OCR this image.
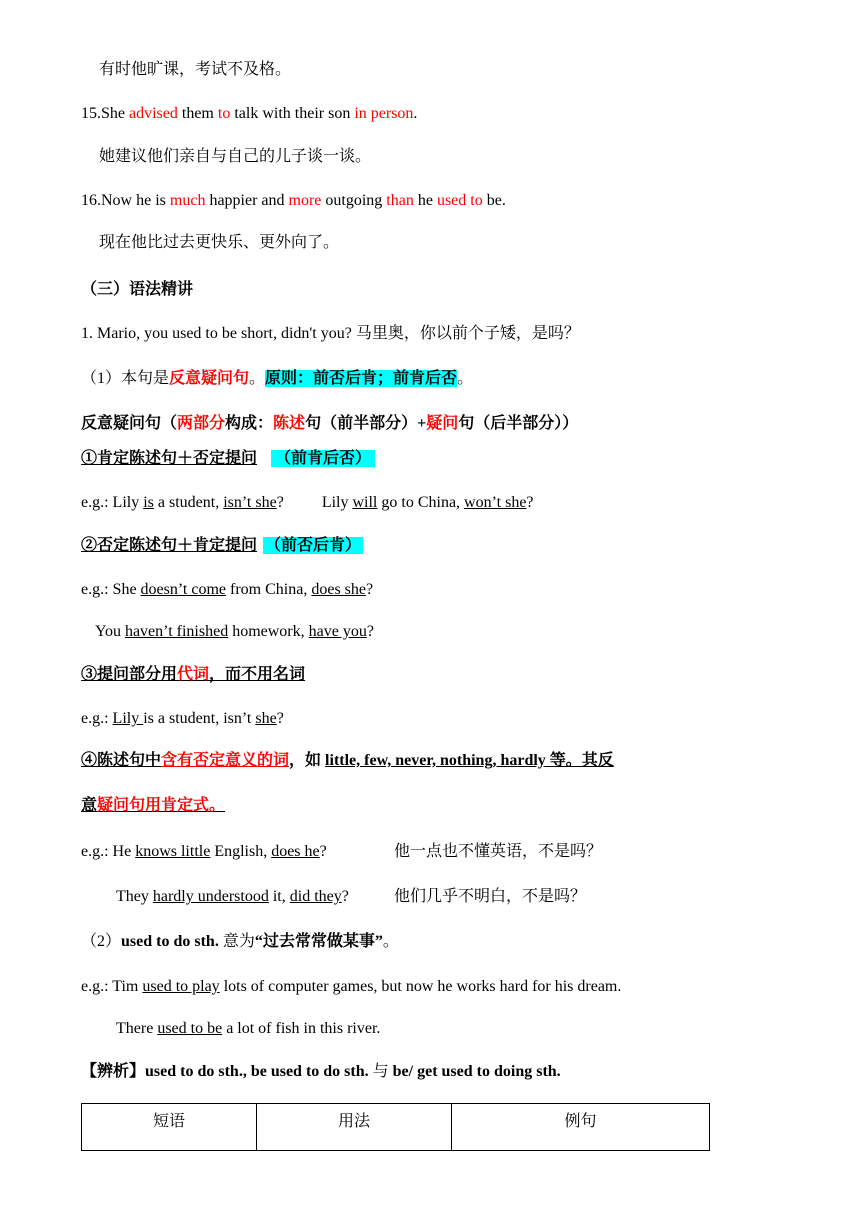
有时他旷课，考试不及格。
15.She advised them to talk with their son in person.
她建议他们亲自与自己的儿子谈一谈。
16.Now he is much happier and more outgoing than he used to be.
现在他比过去更快乐、更外向了。
（三）语法精讲
1. Mario, you used to be short, didn't you? 马里奥，你以前个子矮，是吗？
（1）本句是反意疑问句。原则：前否后肯；前肯后否。
反意疑问句（两部分构成：陈述句（前半部分）+疑问句（后半部分））
①肯定陈述句＋否定提问 （前肯后否）
e.g.: Lily is a student, isn’t she? Lily will go to China, won’t she?
②否定陈述句＋肯定提问 （前否后肯）
e.g.: She doesn’t come from China, does she?
You haven’t finished homework, have you?
③提问部分用代词，而不用名词
e.g.: Lily is a student, isn’t she?
④陈述句中含有否定意义的词，如 little, few, never, nothing, hardly 等。其反
意疑问句用肯定式。
e.g.: He knows little English, does he?	他一点也不懂英语，不是吗？
They hardly understood it, did they?	他们几乎不明白，不是吗？
（2）used to do sth. 意为“过去常常做某事”。
e.g.: Tim used to play lots of computer games, but now he works hard for his dream.
There used to be a lot of fish in this river.
【辨析】used to do sth., be used to do sth. 与 be/ get used to doing sth.
短语	用法	例句
